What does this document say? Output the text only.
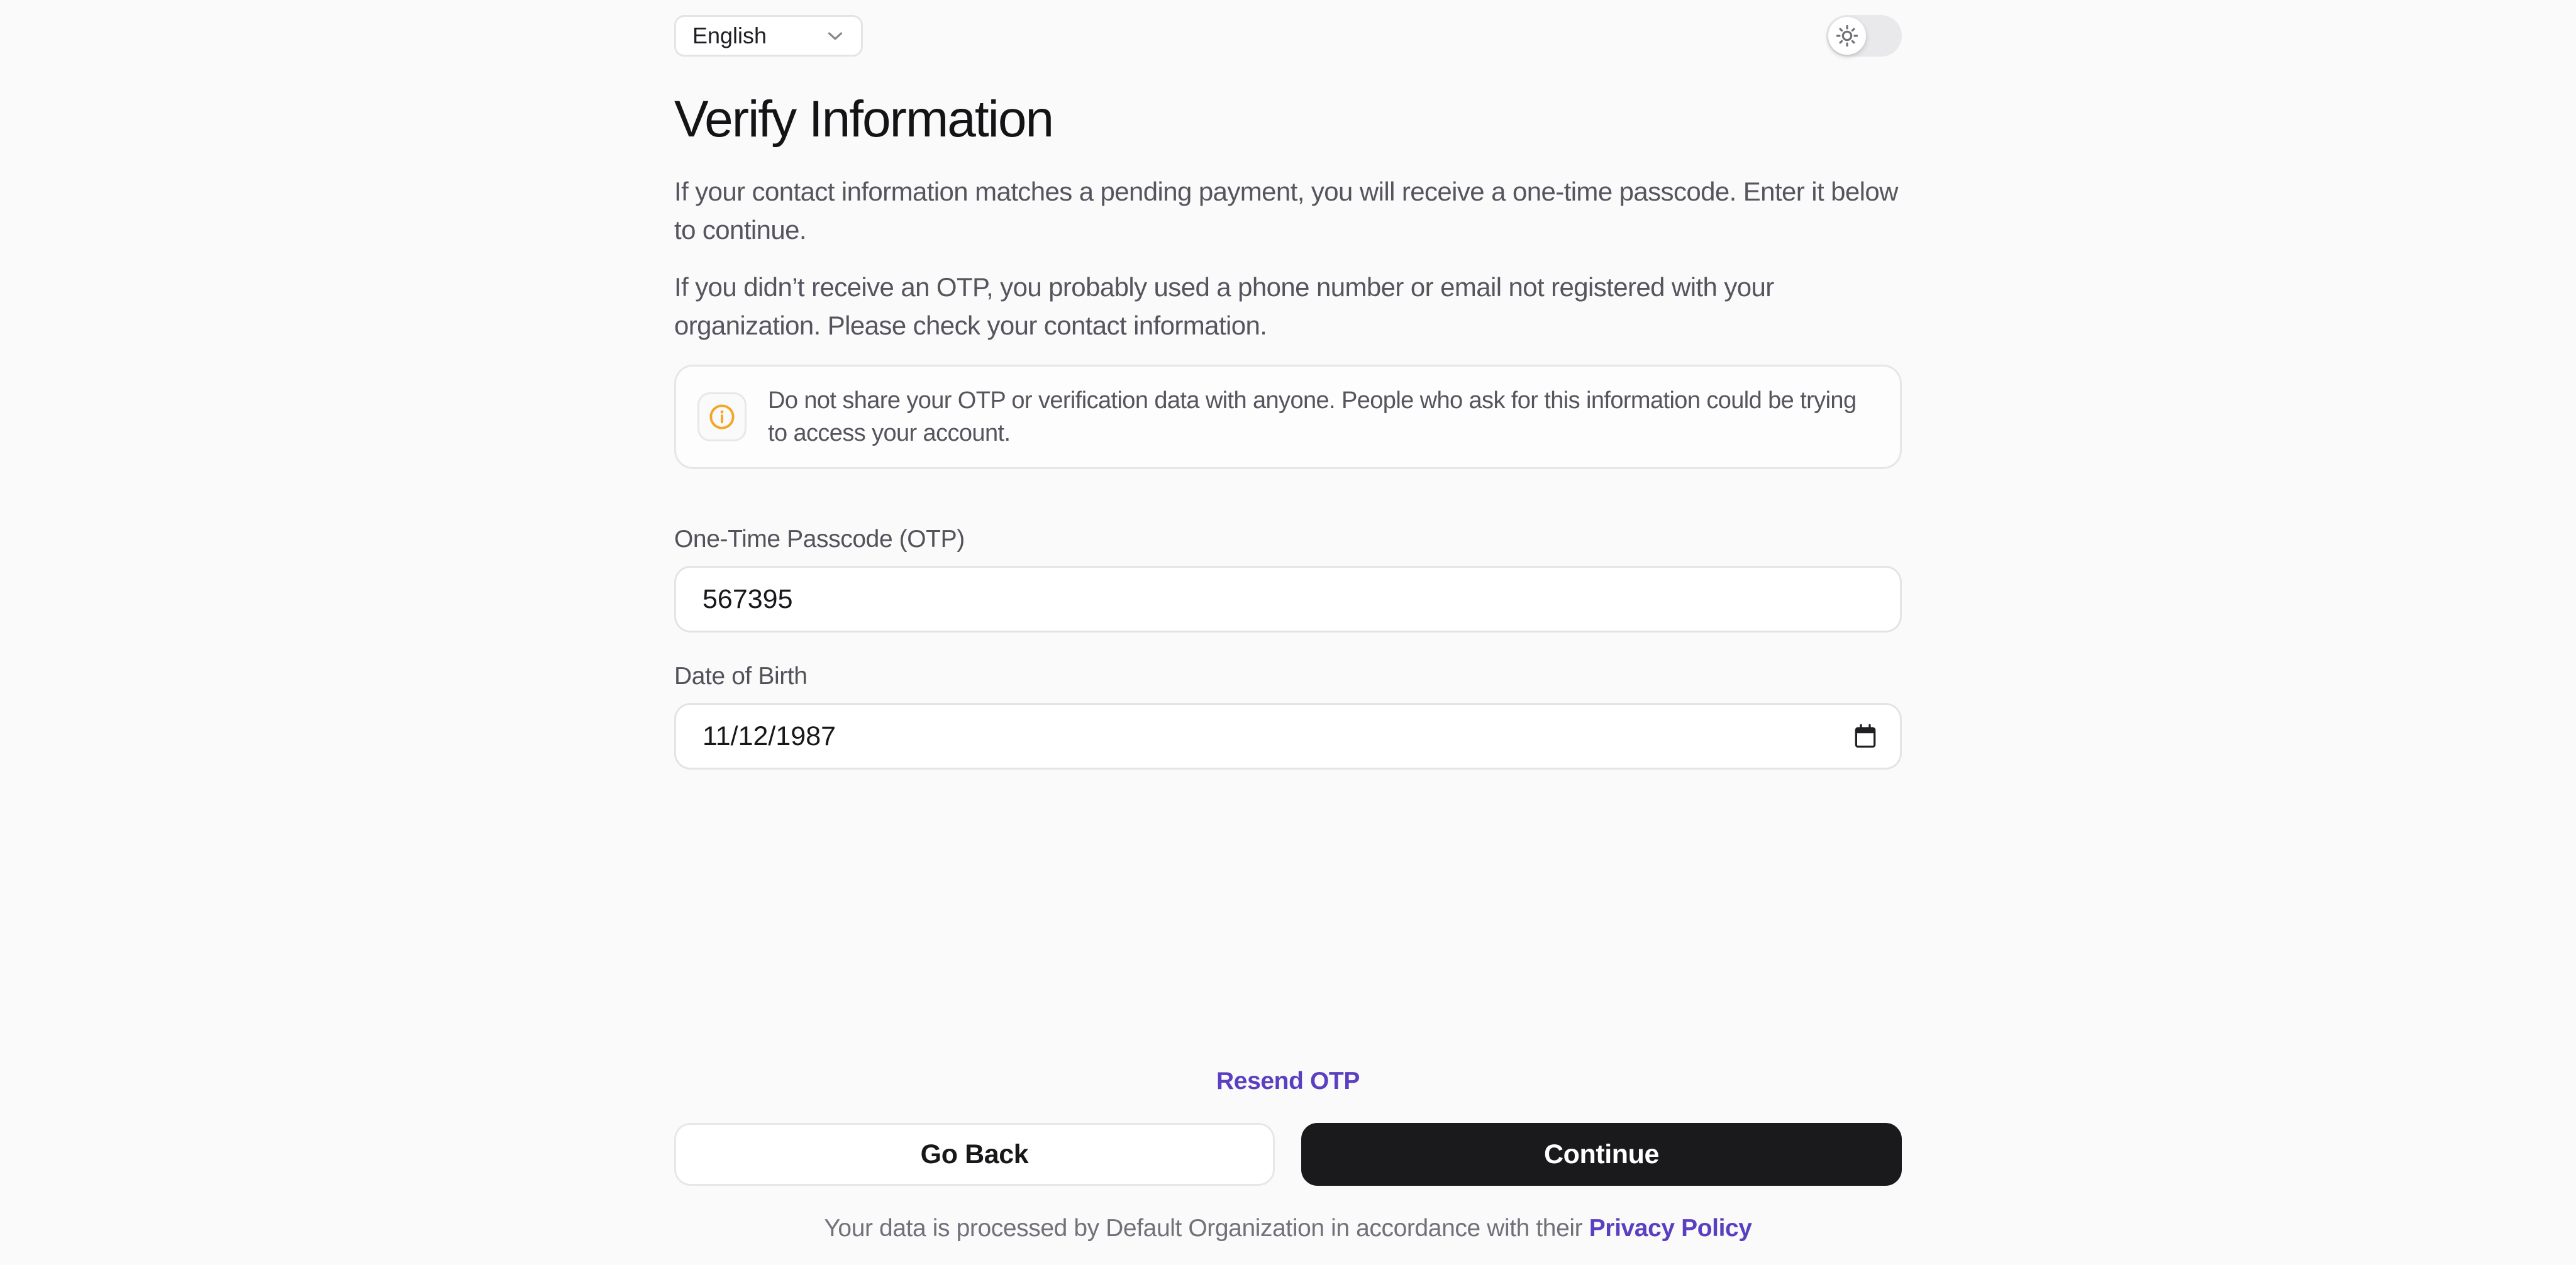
English
Verify Information

If your contact information matches a pending payment, you will receive a one-time passcode. Enter it below to continue.

If you didn’t receive an OTP, you probably used a phone number or email not registered with your organization. Please check your contact information.

Do not share your OTP or verification data with anyone. People who ask for this information could be trying to access your account.
One-Time Passcode (OTP)
567395
Date of Birth
11/12/1987
Resend OTP
Go Back	Continue
Your data is processed by Default Organization in accordance with their Privacy Policy
